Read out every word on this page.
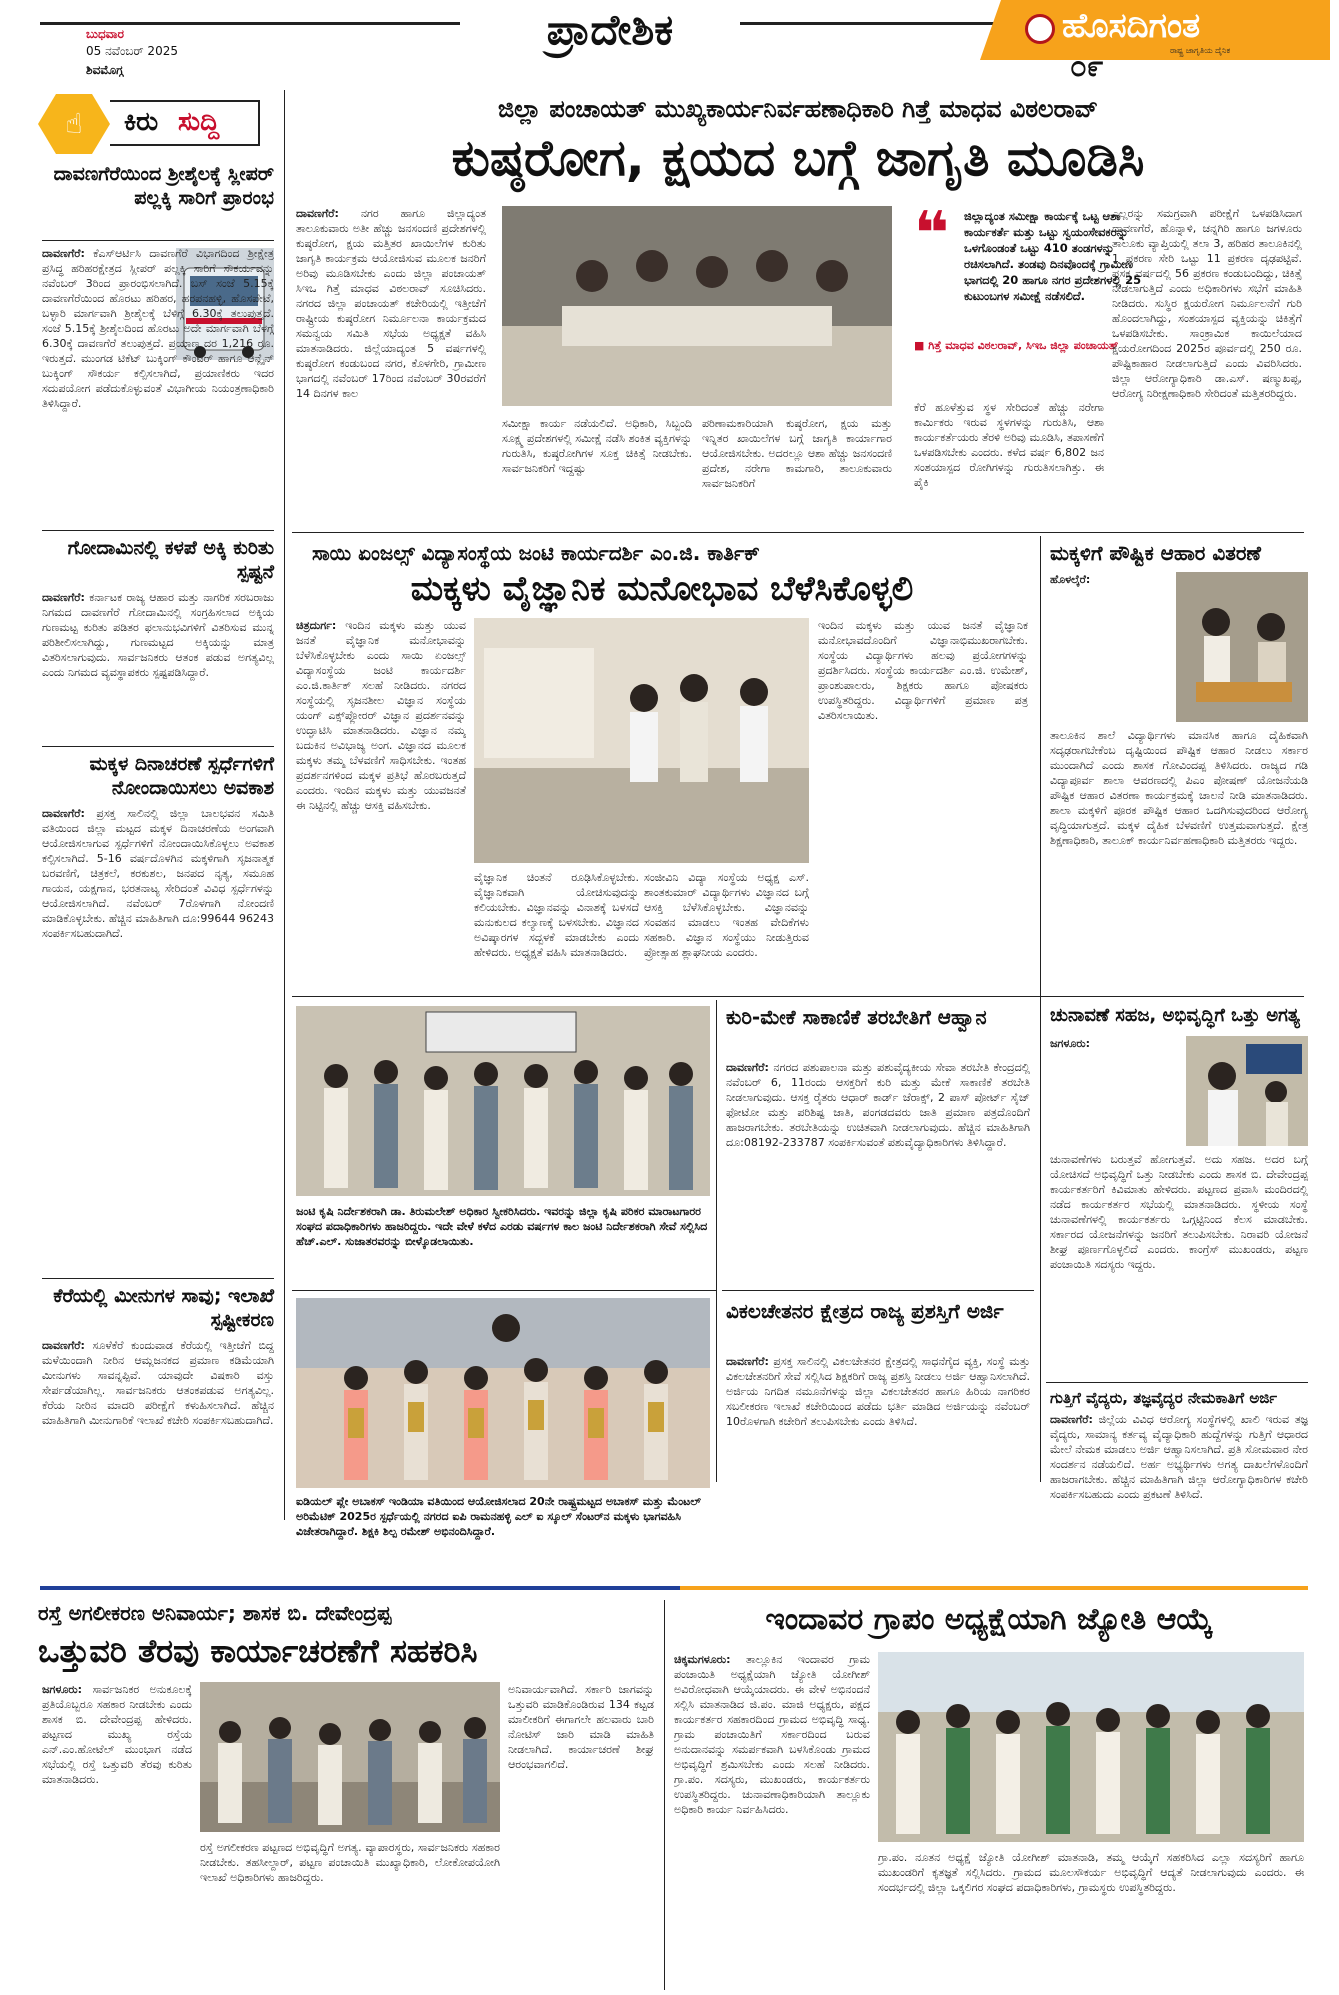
ಬುಧವಾರ
05 ನವೆಂಬರ್ 2025
ಶಿವಮೊಗ್ಗ
ಪ್ರಾದೇಶಿಕ	ಹೊಸದಿಗಂತ
ರಾಷ್ಟ್ರ ಜಾಗೃತಿಯ ದೈನಿಕ
೦೯
☝ ಕಿರು ಸುದ್ದಿ
ದಾವಣಗೆರೆಯಿಂದ ಶ್ರೀಶೈಲಕ್ಕೆ ಸ್ಲೀಪರ್ ಪಲ್ಲಕ್ಕಿ ಸಾರಿಗೆ ಪ್ರಾರಂಭ
ದಾವಣಗೆರೆ: ಕೆಎಸ್ಆರ್ಟಿಸಿ ದಾವಣಗೆರೆ ವಿಭಾಗದಿಂದ ಶ್ರೀಕ್ಷೇತ್ರ ಪ್ರಸಿದ್ಧ ಹರಿಹರಕ್ಷೇತ್ರದ ಸ್ಲೀಪರ್ ಪಲ್ಲಕ್ಕಿ ಸಾರಿಗೆ ಸೌಕರ್ಯವನ್ನು ನವೆಂಬರ್ 3ರಿಂದ ಪ್ರಾರಂಭಿಸಲಾಗಿದೆ. ಬಸ್ ಸಂಜೆ 5.15ಕ್ಕೆ ದಾವಣಗೆರೆಯಿಂದ ಹೊರಟು ಹರಿಹರ, ಹರಪನಹಳ್ಳಿ, ಹೊಸಪೇಟೆ, ಬಳ್ಳಾರಿ ಮಾರ್ಗವಾಗಿ ಶ್ರೀಶೈಲಕ್ಕೆ ಬೆಳಿಗ್ಗೆ 6.30ಕ್ಕೆ ತಲುಪುತ್ತದೆ. ಸಂಜೆ 5.15ಕ್ಕೆ ಶ್ರೀಶೈಲದಿಂದ ಹೊರಟು ಅದೇ ಮಾರ್ಗವಾಗಿ ಬೆಳಗ್ಗೆ 6.30ಕ್ಕೆ ದಾವಣಗೆರೆ ತಲುಪುತ್ತದೆ. ಪ್ರಯಾಣ ದರ 1,216 ರೂ. ಇರುತ್ತದೆ. ಮುಂಗಡ ಟಿಕೆಟ್ ಬುಕ್ಕಿಂಗ್ ಕೌಂಟರ್ ಹಾಗೂ ಆನ್ಲೈನ್ ಬುಕ್ಕಿಂಗ್ ಸೌಕರ್ಯ ಕಲ್ಪಿಸಲಾಗಿದೆ, ಪ್ರಯಾಣಿಕರು ಇದರ ಸದುಪಯೋಗ ಪಡೆದುಕೊಳ್ಳುವಂತೆ ವಿಭಾಗೀಯ ನಿಯಂತ್ರಣಾಧಿಕಾರಿ ತಿಳಿಸಿದ್ದಾರೆ.
ಗೋದಾಮಿನಲ್ಲಿ ಕಳಪೆ ಅಕ್ಕಿ ಕುರಿತು ಸ್ಪಷ್ಟನೆ
ದಾವಣಗೆರೆ: ಕರ್ನಾಟಕ ರಾಜ್ಯ ಆಹಾರ ಮತ್ತು ನಾಗರಿಕ ಸರಬರಾಜು ನಿಗಮದ ದಾವಣಗೆರೆ ಗೋದಾಮಿನಲ್ಲಿ ಸಂಗ್ರಹಿಸಲಾದ ಅಕ್ಕಿಯ ಗುಣಮಟ್ಟ ಕುರಿತು ಪಡಿತರ ಫಲಾನುಭವಿಗಳಿಗೆ ವಿತರಿಸುವ ಮುನ್ನ ಪರಿಶೀಲಿಸಲಾಗಿದ್ದು, ಗುಣಮಟ್ಟದ ಅಕ್ಕಿಯನ್ನು ಮಾತ್ರ ವಿತರಿಸಲಾಗುವುದು. ಸಾರ್ವಜನಿಕರು ಆತಂಕ ಪಡುವ ಅಗತ್ಯವಿಲ್ಲ ಎಂದು ನಿಗಮದ ವ್ಯವಸ್ಥಾಪಕರು ಸ್ಪಷ್ಟಪಡಿಸಿದ್ದಾರೆ.
ಮಕ್ಕಳ ದಿನಾಚರಣೆ ಸ್ಪರ್ಧೆಗಳಿಗೆ ನೋಂದಾಯಿಸಲು ಅವಕಾಶ
ದಾವಣಗೆರೆ: ಪ್ರಸಕ್ತ ಸಾಲಿನಲ್ಲಿ ಜಿಲ್ಲಾ ಬಾಲಭವನ ಸಮಿತಿ ವತಿಯಿಂದ ಜಿಲ್ಲಾ ಮಟ್ಟದ ಮಕ್ಕಳ ದಿನಾಚರಣೆಯ ಅಂಗವಾಗಿ ಆಯೋಜಿಸಲಾಗುವ ಸ್ಪರ್ಧೆಗಳಿಗೆ ನೋಂದಾಯಿಸಿಕೊಳ್ಳಲು ಅವಕಾಶ ಕಲ್ಪಿಸಲಾಗಿದೆ. 5-16 ವರ್ಷದೊಳಗಿನ ಮಕ್ಕಳಿಗಾಗಿ ಸೃಜನಾತ್ಮಕ ಬರವಣಿಗೆ, ಚಿತ್ರಕಲೆ, ಕರಕುಶಲ, ಜನಪದ ನೃತ್ಯ, ಸಮೂಹ ಗಾಯನ, ಯಕ್ಷಗಾನ, ಭರತನಾಟ್ಯ ಸೇರಿದಂತೆ ವಿವಿಧ ಸ್ಪರ್ಧೆಗಳನ್ನು ಆಯೋಜಿಸಲಾಗಿದೆ. ನವೆಂಬರ್ 7ರೊಳಗಾಗಿ ನೋಂದಣಿ ಮಾಡಿಕೊಳ್ಳಬೇಕು. ಹೆಚ್ಚಿನ ಮಾಹಿತಿಗಾಗಿ ದೂ:99644 96243 ಸಂಪರ್ಕಿಸಬಹುದಾಗಿದೆ.
ಕೆರೆಯಲ್ಲಿ ಮೀನುಗಳ ಸಾವು; ಇಲಾಖೆ ಸ್ಪಷ್ಟೀಕರಣ
ದಾವಣಗೆರೆ: ಸೂಳೆಕೆರೆ ಕುಂದುವಾಡ ಕೆರೆಯಲ್ಲಿ ಇತ್ತೀಚೆಗೆ ಬಿದ್ದ ಮಳೆಯಿಂದಾಗಿ ನೀರಿನ ಆಮ್ಲಜನಕದ ಪ್ರಮಾಣ ಕಡಿಮೆಯಾಗಿ ಮೀನುಗಳು ಸಾವನ್ನಪ್ಪಿವೆ. ಯಾವುದೇ ವಿಷಕಾರಿ ವಸ್ತು ಸೇರ್ಪಡೆಯಾಗಿಲ್ಲ. ಸಾರ್ವಜನಿಕರು ಆತಂಕಪಡುವ ಅಗತ್ಯವಿಲ್ಲ. ಕೆರೆಯ ನೀರಿನ ಮಾದರಿ ಪರೀಕ್ಷೆಗೆ ಕಳುಹಿಸಲಾಗಿದೆ. ಹೆಚ್ಚಿನ ಮಾಹಿತಿಗಾಗಿ ಮೀನುಗಾರಿಕೆ ಇಲಾಖೆ ಕಚೇರಿ ಸಂಪರ್ಕಿಸಬಹುದಾಗಿದೆ.
ಜಿಲ್ಲಾ ಪಂಚಾಯತ್ ಮುಖ್ಯಕಾರ್ಯನಿರ್ವಹಣಾಧಿಕಾರಿ ಗಿತ್ತೆ ಮಾಧವ ವಿಠಲರಾವ್
ಕುಷ್ಠರೋಗ, ಕ್ಷಯದ ಬಗ್ಗೆ ಜಾಗೃತಿ ಮೂಡಿಸಿ
ದಾವಣಗೆರೆ: ನಗರ ಹಾಗೂ ಜಿಲ್ಲಾದ್ಯಂತ ತಾಲೂಕುವಾರು ಅತೀ ಹೆಚ್ಚು ಜನಸಂದಣಿ ಪ್ರದೇಶಗಳಲ್ಲಿ ಕುಷ್ಠರೋಗ, ಕ್ಷಯ ಮತ್ತಿತರ ಖಾಯಿಲೆಗಳ ಕುರಿತು ಜಾಗೃತಿ ಕಾರ್ಯಕ್ರಮ ಆಯೋಜಿಸುವ ಮೂಲಕ ಜನರಿಗೆ ಅರಿವು ಮೂಡಿಸಬೇಕು ಎಂದು ಜಿಲ್ಲಾ ಪಂಚಾಯತ್ ಸಿಇಒ ಗಿತ್ತೆ ಮಾಧವ ವಿಠಲರಾವ್ ಸೂಚಿಸಿದರು. ನಗರದ ಜಿಲ್ಲಾ ಪಂಚಾಯತ್ ಕಚೇರಿಯಲ್ಲಿ ಇತ್ತೀಚೆಗೆ ರಾಷ್ಟ್ರೀಯ ಕುಷ್ಠರೋಗ ನಿರ್ಮೂಲನಾ ಕಾರ್ಯಕ್ರಮದ ಸಮನ್ವಯ ಸಮಿತಿ ಸಭೆಯ ಅಧ್ಯಕ್ಷತೆ ವಹಿಸಿ ಮಾತನಾಡಿದರು. ಜಿಲ್ಲೆಯಾದ್ಯಂತ 5 ವರ್ಷಗಳಲ್ಲಿ ಕುಷ್ಠರೋಗ ಕಂಡುಬಂದ ನಗರ, ಕೊಳಗೇರಿ, ಗ್ರಾಮೀಣ ಭಾಗದಲ್ಲಿ ನವೆಂಬರ್ 17ರಿಂದ ನವೆಂಬರ್ 30ರವರೆಗೆ 14 ದಿನಗಳ ಕಾಲ
ಸಮೀಕ್ಷಾ ಕಾರ್ಯ ನಡೆಯಲಿದೆ. ಅಧಿಕಾರಿ, ಸಿಬ್ಬಂದಿ ಸೂಕ್ಷ್ಮ ಪ್ರದೇಶಗಳಲ್ಲಿ ಸಮೀಕ್ಷೆ ನಡೆಸಿ ಶಂಕಿತ ವ್ಯಕ್ತಿಗಳನ್ನು ಗುರುತಿಸಿ, ಕುಷ್ಠರೋಗಿಗಳ ಸೂಕ್ತ ಚಿಕಿತ್ಸೆ ನೀಡಬೇಕು. ಸಾರ್ವಜನಿಕರಿಗೆ ಇದ್ದಷ್ಟು
ಪರಿಣಾಮಕಾರಿಯಾಗಿ ಕುಷ್ಠರೋಗ, ಕ್ಷಯ ಮತ್ತು ಇನ್ನಿತರ ಖಾಯಿಲೆಗಳ ಬಗ್ಗೆ ಜಾಗೃತಿ ಕಾರ್ಯಾಗಾರ ಆಯೋಜಿಸಬೇಕು. ಅದರಲ್ಲೂ ಆಶಾ ಹೆಚ್ಚು ಜನಸಂದಣಿ ಪ್ರದೇಶ, ನರೇಗಾ ಕಾಮಗಾರಿ, ತಾಲೂಕುವಾರು ಸಾರ್ವಜನಿಕರಿಗೆ
❝	ಜಿಲ್ಲಾದ್ಯಂತ ಸಮೀಕ್ಷಾ ಕಾರ್ಯಕ್ಕೆ ಒಟ್ಟ ಆಶಾ ಕಾರ್ಯಕರ್ತೆ ಮತ್ತು ಒಟ್ಟು ಸ್ವಯಂಸೇವಕರನ್ನು ಒಳಗೊಂಡಂತೆ ಒಟ್ಟು 410 ತಂಡಗಳನ್ನು ರಚಿಸಲಾಗಿದೆ. ತಂಡವು ದಿನವೊಂದಕ್ಕೆ ಗ್ರಾಮೀಣ ಭಾಗದಲ್ಲಿ 20 ಹಾಗೂ ನಗರ ಪ್ರದೇಶಗಳಲ್ಲಿ 25 ಕುಟುಂಬಗಳ ಸಮೀಕ್ಷೆ ನಡೆಸಲಿದೆ.
■ ಗಿತ್ತೆ ಮಾಧವ ವಿಠಲರಾವ್, ಸಿಇಒ ಜಿಲ್ಲಾ ಪಂಚಾಯತ್
ಕೆರೆ ಹೂಳೆತ್ತುವ ಸ್ಥಳ ಸೇರಿದಂತೆ ಹೆಚ್ಚು ನರೇಗಾ ಕಾರ್ಮಿಕರು ಇರುವ ಸ್ಥಳಗಳನ್ನು ಗುರುತಿಸಿ, ಆಶಾ ಕಾರ್ಯಕರ್ತೆಯರು ತೆರಳಿ ಅರಿವು ಮೂಡಿಸಿ, ತಪಾಸಣೆಗೆ ಒಳಪಡಿಸಬೇಕು ಎಂದರು. ಕಳೆದ ವರ್ಷ 6,802 ಜನ ಸಂಶಯಾಸ್ಪದ ರೋಗಿಗಳನ್ನು ಗುರುತಿಸಲಾಗಿತ್ತು. ಈ ಪೈಕಿ
ಎಲ್ಲರನ್ನು ಸಮಗ್ರವಾಗಿ ಪರೀಕ್ಷೆಗೆ ಒಳಪಡಿಸಿದಾಗ ದಾವಣಗೆರೆ, ಹೊನ್ನಾಳಿ, ಚನ್ನಗಿರಿ ಹಾಗೂ ಜಗಳೂರು ತಾಲೂಕು ವ್ಯಾಪ್ತಿಯಲ್ಲಿ ತಲಾ 3, ಹರಿಹರ ತಾಲೂಕಿನಲ್ಲಿ 1 ಪ್ರಕರಣ ಸೇರಿ ಒಟ್ಟು 11 ಪ್ರಕರಣ ದೃಢಪಟ್ಟಿವೆ. ಪ್ರಸಕ್ತ ವರ್ಷದಲ್ಲಿ 56 ಪ್ರಕರಣ ಕಂಡುಬಂದಿದ್ದು, ಚಿಕಿತ್ಸೆ ನೀಡಲಾಗುತ್ತಿದೆ ಎಂದು ಅಧಿಕಾರಿಗಳು ಸಭೆಗೆ ಮಾಹಿತಿ ನೀಡಿದರು. ಸುಸ್ಥಿರ ಕ್ಷಯರೋಗ ನಿರ್ಮೂಲನೆಗೆ ಗುರಿ ಹೊಂದಲಾಗಿದ್ದು, ಸಂಶಯಾಸ್ಪದ ವ್ಯಕ್ತಿಯನ್ನು ಚಿಕಿತ್ಸೆಗೆ ಒಳಪಡಿಸಬೇಕು. ಸಾಂಕ್ರಾಮಿಕ ಕಾಯಿಲೆಯಾದ ಕ್ಷಯರೋಗದಿಂದ 2025ರ ಪೂರ್ವದಲ್ಲಿ 250 ರೂ. ಪೌಷ್ಟಿಕಾಹಾರ ನೀಡಲಾಗುತ್ತಿದೆ ಎಂದು ವಿವರಿಸಿದರು. ಜಿಲ್ಲಾ ಆರೋಗ್ಯಾಧಿಕಾರಿ ಡಾ.ಎಸ್. ಷಣ್ಮುಖಪ್ಪ, ಆರೋಗ್ಯ ನಿರೀಕ್ಷಣಾಧಿಕಾರಿ ಸೇರಿದಂತೆ ಮತ್ತಿತರರಿದ್ದರು.
ಸಾಯಿ ಏಂಜಲ್ಸ್ ವಿದ್ಯಾಸಂಸ್ಥೆಯ ಜಂಟಿ ಕಾರ್ಯದರ್ಶಿ ಎಂ.ಜಿ. ಕಾರ್ತಿಕ್
ಮಕ್ಕಳು ವೈಜ್ಞಾನಿಕ ಮನೋಭಾವ ಬೆಳೆಸಿಕೊಳ್ಳಲಿ
ಚಿತ್ರದುರ್ಗ: ಇಂದಿನ ಮಕ್ಕಳು ಮತ್ತು ಯುವ ಜನತೆ ವೈಜ್ಞಾನಿಕ ಮನೋಭಾವನ್ನು ಬೆಳೆಸಿಕೊಳ್ಳಬೇಕು ಎಂದು ಸಾಯಿ ಏಂಜಲ್ಸ್ ವಿದ್ಯಾಸಂಸ್ಥೆಯ ಜಂಟಿ ಕಾರ್ಯದರ್ಶಿ ಎಂ.ಜಿ.ಕಾರ್ತಿಕ್ ಸಲಹೆ ನೀಡಿದರು. ನಗರದ ಸಂಸ್ಥೆಯಲ್ಲಿ ಸೃಜನಶೀಲ ವಿಜ್ಞಾನ ಸಂಸ್ಥೆಯ ಯಂಗ್ ಎಕ್ಸ್‌ಪ್ಲೋರರ್ ವಿಜ್ಞಾನ ಪ್ರದರ್ಶನವನ್ನು ಉದ್ಘಾಟಿಸಿ ಮಾತನಾಡಿದರು. ವಿಜ್ಞಾನ ನಮ್ಮ ಬದುಕಿನ ಅವಿಭಾಜ್ಯ ಅಂಗ. ವಿಜ್ಞಾನದ ಮೂಲಕ ಮಕ್ಕಳು ತಮ್ಮ ಬೆಳವಣಿಗೆ ಸಾಧಿಸಬೇಕು. ಇಂತಹ ಪ್ರದರ್ಶನಗಳಿಂದ ಮಕ್ಕಳ ಪ್ರತಿಭೆ ಹೊರಬರುತ್ತದೆ ಎಂದರು. ಇಂದಿನ ಮಕ್ಕಳು ಮತ್ತು ಯುವಜನತೆ ಈ ನಿಟ್ಟಿನಲ್ಲಿ ಹೆಚ್ಚು ಆಸಕ್ತಿ ವಹಿಸಬೇಕು.
ವೈಜ್ಞಾನಿಕ ಚಿಂತನೆ ರೂಢಿಸಿಕೊಳ್ಳಬೇಕು. ವೈಜ್ಞಾನಿಕವಾಗಿ ಯೋಚಿಸುವುದನ್ನು ಕಲಿಯಬೇಕು. ವಿಜ್ಞಾನವನ್ನು ವಿನಾಶಕ್ಕೆ ಬಳಸದೆ ಮನುಕುಲದ ಕಲ್ಯಾಣಕ್ಕೆ ಬಳಸಬೇಕು. ವಿಜ್ಞಾನದ ಅವಿಷ್ಕಾರಗಳ ಸದ್ಬಳಕೆ ಮಾಡಬೇಕು ಎಂದು ಹೇಳಿದರು. ಅಧ್ಯಕ್ಷತೆ ವಹಿಸಿ ಮಾತನಾಡಿದರು.
ಸಂಜೀವಿನಿ ವಿದ್ಯಾ ಸಂಸ್ಥೆಯ ಅಧ್ಯಕ್ಷ ಎಸ್. ಶಾಂತಕುಮಾರ್ ವಿದ್ಯಾರ್ಥಿಗಳು ವಿಜ್ಞಾನದ ಬಗ್ಗೆ ಆಸಕ್ತಿ ಬೆಳೆಸಿಕೊಳ್ಳಬೇಕು. ವಿಜ್ಞಾನವನ್ನು ಸಂವಹನ ಮಾಡಲು ಇಂತಹ ವೇದಿಕೆಗಳು ಸಹಕಾರಿ. ವಿಜ್ಞಾನ ಸಂಸ್ಥೆಯು ನೀಡುತ್ತಿರುವ ಪ್ರೋತ್ಸಾಹ ಶ್ಲಾಘನೀಯ ಎಂದರು.
ಇಂದಿನ ಮಕ್ಕಳು ಮತ್ತು ಯುವ ಜನತೆ ವೈಜ್ಞಾನಿಕ ಮನೋಭಾವದೊಂದಿಗೆ ವಿಜ್ಞಾನಾಭಿಮುಖರಾಗಬೇಕು. ಸಂಸ್ಥೆಯ ವಿದ್ಯಾರ್ಥಿಗಳು ಹಲವು ಪ್ರಯೋಗಗಳನ್ನು ಪ್ರದರ್ಶಿಸಿದರು. ಸಂಸ್ಥೆಯ ಕಾರ್ಯದರ್ಶಿ ಎಂ.ಜಿ. ಉಮೇಶ್, ಪ್ರಾಂಶುಪಾಲರು, ಶಿಕ್ಷಕರು ಹಾಗೂ ಪೋಷಕರು ಉಪಸ್ಥಿತರಿದ್ದರು. ವಿದ್ಯಾರ್ಥಿಗಳಿಗೆ ಪ್ರಮಾಣ ಪತ್ರ ವಿತರಿಸಲಾಯಿತು.
ಮಕ್ಕಳಿಗೆ ಪೌಷ್ಟಿಕ ಆಹಾರ ವಿತರಣೆ
ಹೊಳಲ್ಕೆರೆ:
ತಾಲೂಕಿನ ಶಾಲೆ ವಿದ್ಯಾರ್ಥಿಗಳು ಮಾನಸಿಕ ಹಾಗೂ ದೈಹಿಕವಾಗಿ ಸದೃಢರಾಗಬೇಕೆಂಬ ದೃಷ್ಟಿಯಿಂದ ಪೌಷ್ಟಿಕ ಆಹಾರ ನೀಡಲು ಸರ್ಕಾರ ಮುಂದಾಗಿದೆ ಎಂದು ಶಾಸಕ ಗೋವಿಂದಪ್ಪ ತಿಳಿಸಿದರು. ರಾಜ್ಯದ ಗಡಿ ವಿದ್ಯಾಪೂರ್ವ ಶಾಲಾ ಆವರಣದಲ್ಲಿ ಪಿಎಂ ಪೋಷಣ್ ಯೋಜನೆಯಡಿ ಪೌಷ್ಟಿಕ ಆಹಾರ ವಿತರಣಾ ಕಾರ್ಯಕ್ರಮಕ್ಕೆ ಚಾಲನೆ ನೀಡಿ ಮಾತನಾಡಿದರು. ಶಾಲಾ ಮಕ್ಕಳಿಗೆ ಪೂರಕ ಪೌಷ್ಟಿಕ ಆಹಾರ ಒದಗಿಸುವುದರಿಂದ ಆರೋಗ್ಯ ವೃದ್ಧಿಯಾಗುತ್ತದೆ. ಮಕ್ಕಳ ದೈಹಿಕ ಬೆಳವಣಿಗೆ ಉತ್ತಮವಾಗುತ್ತದೆ. ಕ್ಷೇತ್ರ ಶಿಕ್ಷಣಾಧಿಕಾರಿ, ತಾಲೂಕ್ ಕಾರ್ಯನಿರ್ವಹಣಾಧಿಕಾರಿ ಮತ್ತಿತರರು ಇದ್ದರು.
ಜಂಟಿ ಕೃಷಿ ನಿರ್ದೇಶಕರಾಗಿ ಡಾ. ತಿರುಮಲೇಶ್ ಅಧಿಕಾರ ಸ್ವೀಕರಿಸಿದರು. ಇವರನ್ನು ಜಿಲ್ಲಾ ಕೃಷಿ ಪರಿಕರ ಮಾರಾಟಗಾರರ ಸಂಘದ ಪದಾಧಿಕಾರಿಗಳು ಹಾಜರಿದ್ದರು. ಇದೇ ವೇಳೆ ಕಳೆದ ಎರಡು ವರ್ಷಗಳ ಕಾಲ ಜಂಟಿ ನಿರ್ದೇಶಕರಾಗಿ ಸೇವೆ ಸಲ್ಲಿಸಿದ ಹೆಚ್.ಎಲ್. ಸುಜಾತರವರನ್ನು ಬೀಳ್ಕೊಡಲಾಯಿತು.
ಐಡಿಯಲ್ ಪ್ಲೇ ಅಬಾಕಸ್ ಇಂಡಿಯಾ ವತಿಯಿಂದ ಆಯೋಜಿಸಲಾದ 20ನೇ ರಾಷ್ಟ್ರಮಟ್ಟದ ಅಬಾಕಸ್ ಮತ್ತು ಮೆಂಟಲ್ ಅರಿಮೆಟಿಕ್ 2025ರ ಸ್ಪರ್ಧೆಯಲ್ಲಿ ನಗರದ ಐಪಿ ರಾಮನಹಳ್ಳಿ ಎಲ್ ಐ ಸ್ಕೂಲ್ ಸೆಂಟರ್‌ನ ಮಕ್ಕಳು ಭಾಗವಹಿಸಿ ವಿಜೇತರಾಗಿದ್ದಾರೆ. ಶಿಕ್ಷಕಿ ಶಿಲ್ಪ ರಮೇಶ್ ಅಭಿನಂದಿಸಿದ್ದಾರೆ.
ಕುರಿ-ಮೇಕೆ ಸಾಕಾಣಿಕೆ ತರಬೇತಿಗೆ ಆಹ್ವಾನ
ದಾವಣಗೆರೆ: ನಗರದ ಪಶುಪಾಲನಾ ಮತ್ತು ಪಶುವೈದ್ಯಕೀಯ ಸೇವಾ ತರಬೇತಿ ಕೇಂದ್ರದಲ್ಲಿ ನವೆಂಬರ್ 6, 11ರಂದು ಆಸಕ್ತರಿಗೆ ಕುರಿ ಮತ್ತು ಮೇಕೆ ಸಾಕಾಣಿಕೆ ತರಬೇತಿ ನೀಡಲಾಗುವುದು. ಆಸಕ್ತ ರೈತರು ಆಧಾರ್ ಕಾರ್ಡ್ ಜೆರಾಕ್ಸ್, 2 ಪಾಸ್ ಪೋರ್ಟ್ ಸೈಜ್ ಫೋಟೋ ಮತ್ತು ಪರಿಶಿಷ್ಟ ಜಾತಿ, ಪಂಗಡದವರು ಜಾತಿ ಪ್ರಮಾಣ ಪತ್ರದೊಂದಿಗೆ ಹಾಜರಾಗಬೇಕು. ತರಬೇತಿಯನ್ನು ಉಚಿತವಾಗಿ ನೀಡಲಾಗುವುದು. ಹೆಚ್ಚಿನ ಮಾಹಿತಿಗಾಗಿ ದೂ:08192-233787 ಸಂಪರ್ಕಿಸುವಂತೆ ಪಶುವೈದ್ಯಾಧಿಕಾರಿಗಳು ತಿಳಿಸಿದ್ದಾರೆ.
ವಿಕಲಚೇತನರ ಕ್ಷೇತ್ರದ ರಾಜ್ಯ ಪ್ರಶಸ್ತಿಗೆ ಅರ್ಜಿ
ದಾವಣಗೆರೆ: ಪ್ರಸಕ್ತ ಸಾಲಿನಲ್ಲಿ ವಿಕಲಚೇತನರ ಕ್ಷೇತ್ರದಲ್ಲಿ ಸಾಧನೆಗೈದ ವ್ಯಕ್ತಿ, ಸಂಸ್ಥೆ ಮತ್ತು ವಿಕಲಚೇತನರಿಗೆ ಸೇವೆ ಸಲ್ಲಿಸಿದ ಶಿಕ್ಷಕರಿಗೆ ರಾಜ್ಯ ಪ್ರಶಸ್ತಿ ನೀಡಲು ಅರ್ಜಿ ಆಹ್ವಾನಿಸಲಾಗಿದೆ. ಅರ್ಜಿಯ ನಿಗದಿತ ನಮೂನೆಗಳನ್ನು ಜಿಲ್ಲಾ ವಿಕಲಚೇತನರ ಹಾಗೂ ಹಿರಿಯ ನಾಗರಿಕರ ಸಬಲೀಕರಣ ಇಲಾಖೆ ಕಚೇರಿಯಿಂದ ಪಡೆದು ಭರ್ತಿ ಮಾಡಿದ ಅರ್ಜಿಯನ್ನು ನವೆಂಬರ್ 10ರೊಳಗಾಗಿ ಕಚೇರಿಗೆ ತಲುಪಿಸಬೇಕು ಎಂದು ತಿಳಿಸಿದೆ.
ಚುನಾವಣೆ ಸಹಜ, ಅಭಿವೃದ್ಧಿಗೆ ಒತ್ತು ಅಗತ್ಯ
ಜಗಳೂರು:
ಚುನಾವಣೆಗಳು ಬರುತ್ತವೆ ಹೋಗುತ್ತವೆ. ಅದು ಸಹಜ. ಅದರ ಬಗ್ಗೆ ಯೋಚಿಸದೆ ಅಭಿವೃದ್ಧಿಗೆ ಒತ್ತು ನೀಡಬೇಕು ಎಂದು ಶಾಸಕ ಬಿ. ದೇವೇಂದ್ರಪ್ಪ ಕಾರ್ಯಕರ್ತರಿಗೆ ಕಿವಿಮಾತು ಹೇಳಿದರು. ಪಟ್ಟಣದ ಪ್ರವಾಸಿ ಮಂದಿರದಲ್ಲಿ ನಡೆದ ಕಾರ್ಯಕರ್ತರ ಸಭೆಯಲ್ಲಿ ಮಾತನಾಡಿದರು. ಸ್ಥಳೀಯ ಸಂಸ್ಥೆ ಚುನಾವಣೆಗಳಲ್ಲಿ ಕಾರ್ಯಕರ್ತರು ಒಗ್ಗಟ್ಟಿನಿಂದ ಕೆಲಸ ಮಾಡಬೇಕು. ಸರ್ಕಾರದ ಯೋಜನೆಗಳನ್ನು ಜನರಿಗೆ ತಲುಪಿಸಬೇಕು. ನಿರಾವರಿ ಯೋಜನೆ ಶೀಘ್ರ ಪೂರ್ಣಗೊಳ್ಳಲಿದೆ ಎಂದರು. ಕಾಂಗ್ರೆಸ್ ಮುಖಂಡರು, ಪಟ್ಟಣ ಪಂಚಾಯಿತಿ ಸದಸ್ಯರು ಇದ್ದರು.
ಗುತ್ತಿಗೆ ವೈದ್ಯರು, ತಜ್ಞವೈದ್ಯರ ನೇಮಕಾತಿಗೆ ಅರ್ಜಿ
ದಾವಣಗೆರೆ: ಜಿಲ್ಲೆಯ ವಿವಿಧ ಆರೋಗ್ಯ ಸಂಸ್ಥೆಗಳಲ್ಲಿ ಖಾಲಿ ಇರುವ ತಜ್ಞ ವೈದ್ಯರು, ಸಾಮಾನ್ಯ ಕರ್ತವ್ಯ ವೈದ್ಯಾಧಿಕಾರಿ ಹುದ್ದೆಗಳನ್ನು ಗುತ್ತಿಗೆ ಆಧಾರದ ಮೇಲೆ ನೇಮಕ ಮಾಡಲು ಅರ್ಜಿ ಆಹ್ವಾನಿಸಲಾಗಿದೆ. ಪ್ರತಿ ಸೋಮವಾರ ನೇರ ಸಂದರ್ಶನ ನಡೆಯಲಿದೆ. ಅರ್ಹ ಅಭ್ಯರ್ಥಿಗಳು ಅಗತ್ಯ ದಾಖಲೆಗಳೊಂದಿಗೆ ಹಾಜರಾಗಬೇಕು. ಹೆಚ್ಚಿನ ಮಾಹಿತಿಗಾಗಿ ಜಿಲ್ಲಾ ಆರೋಗ್ಯಾಧಿಕಾರಿಗಳ ಕಚೇರಿ ಸಂಪರ್ಕಿಸಬಹುದು ಎಂದು ಪ್ರಕಟಣೆ ತಿಳಿಸಿದೆ.
ರಸ್ತೆ ಅಗಲೀಕರಣ ಅನಿವಾರ್ಯ; ಶಾಸಕ ಬಿ. ದೇವೇಂದ್ರಪ್ಪ
ಒತ್ತುವರಿ ತೆರವು ಕಾರ್ಯಾಚರಣೆಗೆ ಸಹಕರಿಸಿ
ಜಗಳೂರು: ಸಾರ್ವಜನಿಕರ ಅನುಕೂಲಕ್ಕೆ ಪ್ರತಿಯೊಬ್ಬರೂ ಸಹಕಾರ ನೀಡಬೇಕು ಎಂದು ಶಾಸಕ ಬಿ. ದೇವೇಂದ್ರಪ್ಪ ಹೇಳಿದರು. ಪಟ್ಟಣದ ಮುಖ್ಯ ರಸ್ತೆಯ ಎನ್.ಎಂ.ಹೋಟೆಲ್ ಮುಂಭಾಗ ನಡೆದ ಸಭೆಯಲ್ಲಿ ರಸ್ತೆ ಒತ್ತುವರಿ ತೆರವು ಕುರಿತು ಮಾತನಾಡಿದರು.
ಅನಿವಾರ್ಯವಾಗಿದೆ. ಸರ್ಕಾರಿ ಜಾಗವನ್ನು ಒತ್ತುವರಿ ಮಾಡಿಕೊಂಡಿರುವ 134 ಕಟ್ಟಡ ಮಾಲೀಕರಿಗೆ ಈಗಾಗಲೇ ಹಲವಾರು ಬಾರಿ ನೋಟಿಸ್ ಜಾರಿ ಮಾಡಿ ಮಾಹಿತಿ ನೀಡಲಾಗಿದೆ. ಕಾರ್ಯಾಚರಣೆ ಶೀಘ್ರ ಆರಂಭವಾಗಲಿದೆ.
ರಸ್ತೆ ಅಗಲೀಕರಣ ಪಟ್ಟಣದ ಅಭಿವೃದ್ಧಿಗೆ ಅಗತ್ಯ. ವ್ಯಾಪಾರಸ್ಥರು, ಸಾರ್ವಜನಿಕರು ಸಹಕಾರ ನೀಡಬೇಕು. ತಹಸೀಲ್ದಾರ್, ಪಟ್ಟಣ ಪಂಚಾಯಿತಿ ಮುಖ್ಯಾಧಿಕಾರಿ, ಲೋಕೋಪಯೋಗಿ ಇಲಾಖೆ ಅಧಿಕಾರಿಗಳು ಹಾಜರಿದ್ದರು.
ಇಂದಾವರ ಗ್ರಾಪಂ ಅಧ್ಯಕ್ಷೆಯಾಗಿ ಜ್ಯೋತಿ ಆಯ್ಕೆ
ಚಿಕ್ಕಮಗಳೂರು: ತಾಲ್ಲೂಕಿನ ಇಂದಾವರ ಗ್ರಾಮ ಪಂಚಾಯಿತಿ ಅಧ್ಯಕ್ಷೆಯಾಗಿ ಜ್ಯೋತಿ ಯೋಗೀಶ್ ಅವಿರೋಧವಾಗಿ ಆಯ್ಕೆಯಾದರು. ಈ ವೇಳೆ ಅಭಿನಂದನೆ ಸಲ್ಲಿಸಿ ಮಾತನಾಡಿದ ಜಿ.ಪಂ. ಮಾಜಿ ಅಧ್ಯಕ್ಷರು, ಪಕ್ಷದ ಕಾರ್ಯಕರ್ತರ ಸಹಕಾರದಿಂದ ಗ್ರಾಮದ ಅಭಿವೃದ್ಧಿ ಸಾಧ್ಯ. ಗ್ರಾಮ ಪಂಚಾಯಿತಿಗೆ ಸರ್ಕಾರದಿಂದ ಬರುವ ಅನುದಾನವನ್ನು ಸಮರ್ಪಕವಾಗಿ ಬಳಸಿಕೊಂಡು ಗ್ರಾಮದ ಅಭಿವೃದ್ಧಿಗೆ ಶ್ರಮಿಸಬೇಕು ಎಂದು ಸಲಹೆ ನೀಡಿದರು. ಗ್ರಾ.ಪಂ. ಸದಸ್ಯರು, ಮುಖಂಡರು, ಕಾರ್ಯಕರ್ತರು ಉಪಸ್ಥಿತರಿದ್ದರು. ಚುನಾವಣಾಧಿಕಾರಿಯಾಗಿ ತಾಲ್ಲೂಕು ಅಧಿಕಾರಿ ಕಾರ್ಯ ನಿರ್ವಹಿಸಿದರು.
ಗ್ರಾ.ಪಂ. ನೂತನ ಅಧ್ಯಕ್ಷೆ ಜ್ಯೋತಿ ಯೋಗೀಶ್ ಮಾತನಾಡಿ, ತಮ್ಮ ಆಯ್ಕೆಗೆ ಸಹಕರಿಸಿದ ಎಲ್ಲಾ ಸದಸ್ಯರಿಗೆ ಹಾಗೂ ಮುಖಂಡರಿಗೆ ಕೃತಜ್ಞತೆ ಸಲ್ಲಿಸಿದರು. ಗ್ರಾಮದ ಮೂಲಸೌಕರ್ಯ ಅಭಿವೃದ್ಧಿಗೆ ಆದ್ಯತೆ ನೀಡಲಾಗುವುದು ಎಂದರು. ಈ ಸಂದರ್ಭದಲ್ಲಿ ಜಿಲ್ಲಾ ಒಕ್ಕಲಿಗರ ಸಂಘದ ಪದಾಧಿಕಾರಿಗಳು, ಗ್ರಾಮಸ್ಥರು ಉಪಸ್ಥಿತರಿದ್ದರು.
